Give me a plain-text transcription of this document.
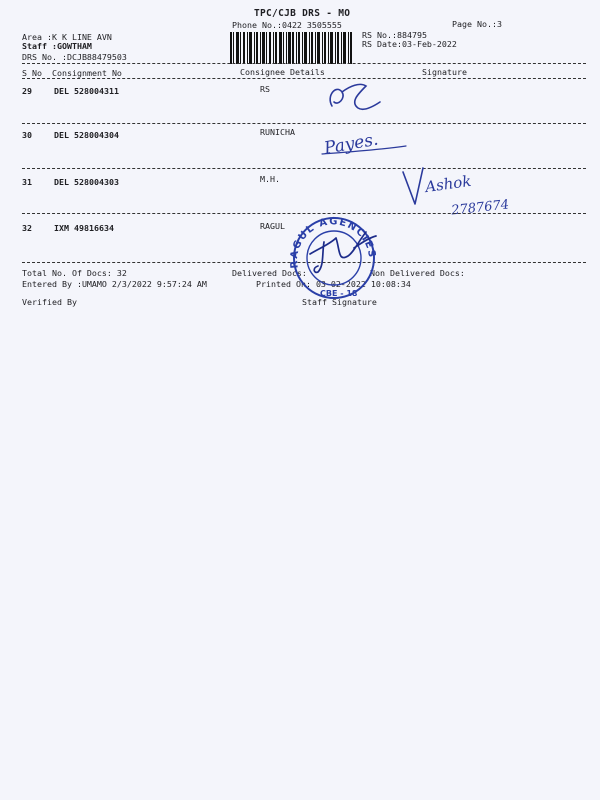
TPC/CJB DRS - MO
Phone No.:0422 3505555	Page No.:3
Area :K K LINE AVN
Staff :GOWTHAM
DRS No. :DCJB88479503
RS No.:884795
RS Date:03-Feb-2022
S No Consignment No	Consignee Details	Signature
29	DEL 528004311	RS
30	DEL 528004304	RUNICHA Payes.
31	DEL 528004303	M.H.	Ashok
2787674
32	IXM 49816634	RAGUL
Total No. Of Docs: 32	Delivered Docs:	Non Delivered Docs:
Entered By :UMAMO 2/3/2022 9:57:24 AM	Printed On: 03-02-2022 10:08:34
Verified By	Staff Signature
RAGUL AGENCIES
CBE - 18
